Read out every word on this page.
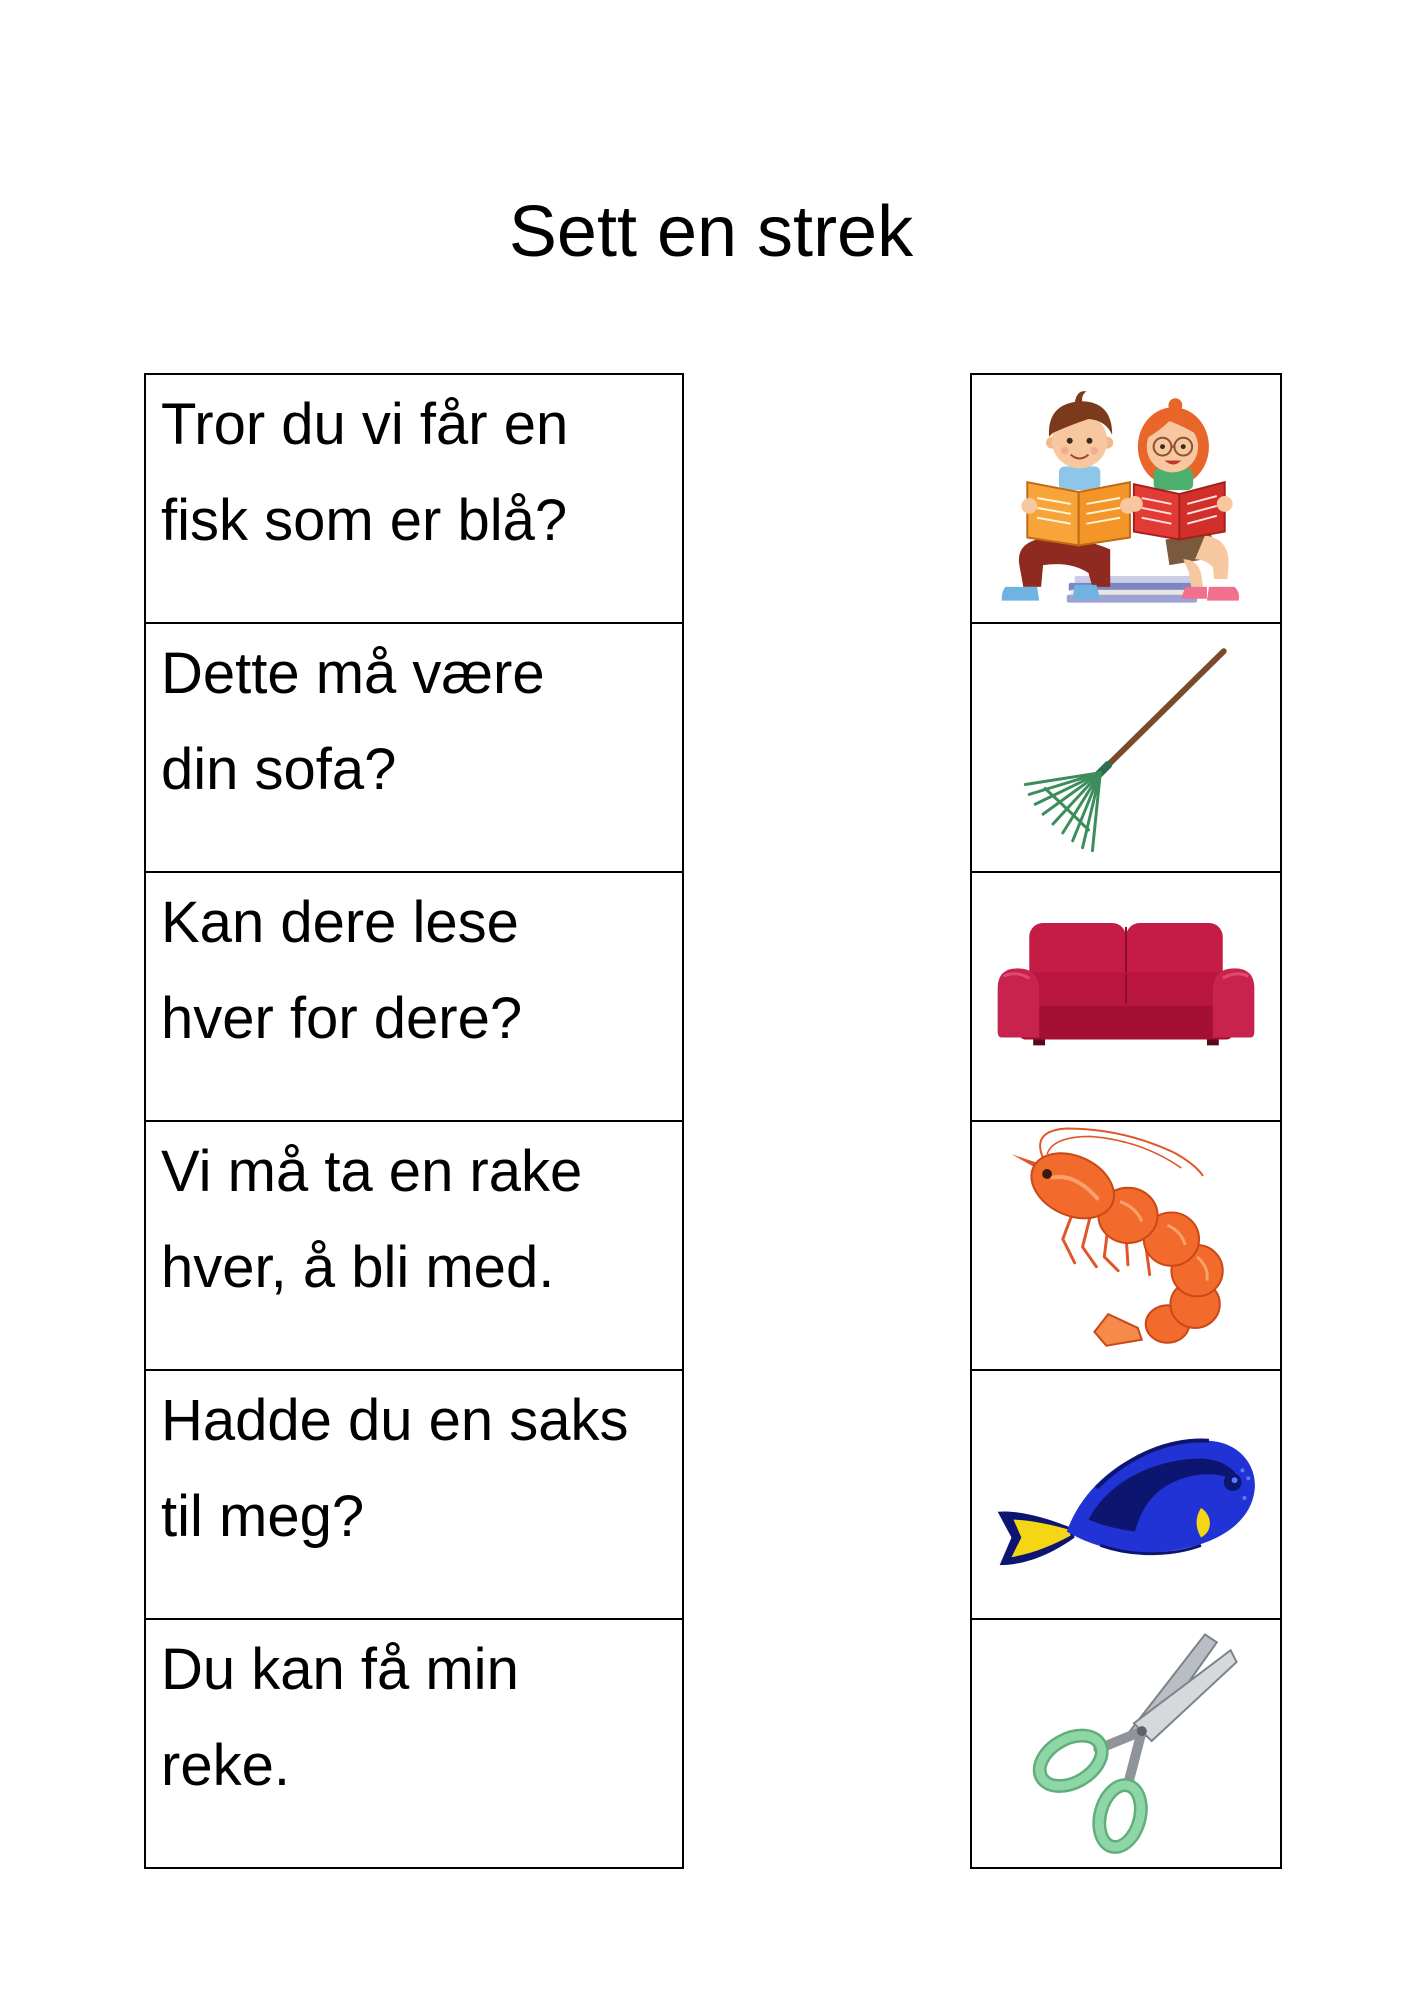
Sett en strek
Tror du vi får en
fisk som er blå?
Dette må være
din sofa?
Kan dere lese
hver for dere?
Vi må ta en rake
hver, å bli med.
Hadde du en saks
til meg?
Du kan få min
reke.
